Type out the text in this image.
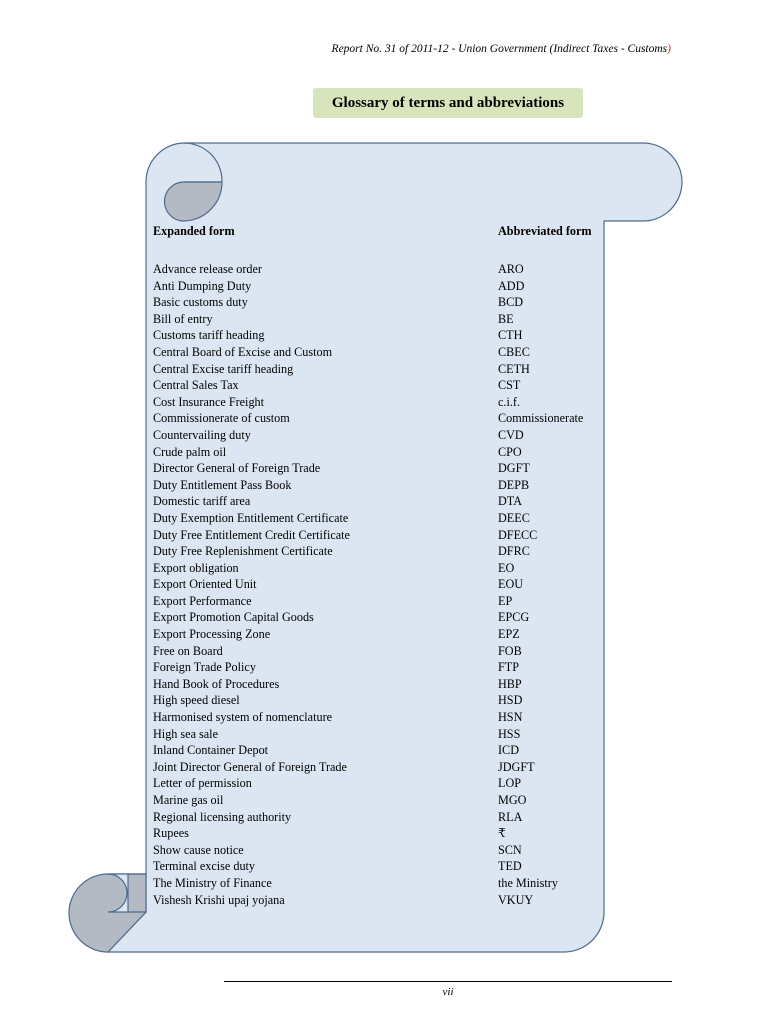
Report No. 31 of 2011-12 - Union Government (Indirect Taxes - Customs)
Glossary of terms and abbreviations
Expanded form	Abbreviated form
Advance release order	ARO
Anti Dumping Duty	ADD
Basic customs duty	BCD
Bill of entry	BE
Customs tariff heading	CTH
Central Board of Excise and Custom	CBEC
Central Excise tariff heading	CETH
Central Sales Tax	CST
Cost Insurance Freight	c.i.f.
Commissionerate of custom	Commissionerate
Countervailing duty	CVD
Crude palm oil	CPO
Director General of Foreign Trade	DGFT
Duty Entitlement Pass Book	DEPB
Domestic tariff area	DTA
Duty Exemption Entitlement Certificate	DEEC
Duty Free Entitlement Credit Certificate	DFECC
Duty Free Replenishment Certificate	DFRC
Export obligation	EO
Export Oriented Unit	EOU
Export Performance	EP
Export Promotion Capital Goods	EPCG
Export Processing Zone	EPZ
Free on Board	FOB
Foreign Trade Policy	FTP
Hand Book of Procedures	HBP
High speed diesel	HSD
Harmonised system of nomenclature	HSN
High sea sale	HSS
Inland Container Depot	ICD
Joint Director General of Foreign Trade	JDGFT
Letter of permission	LOP
Marine gas oil	MGO
Regional licensing authority	RLA
Rupees	₹
Show cause notice	SCN
Terminal excise duty	TED
The Ministry of Finance	the Ministry
Vishesh Krishi upaj yojana	VKUY
vii
